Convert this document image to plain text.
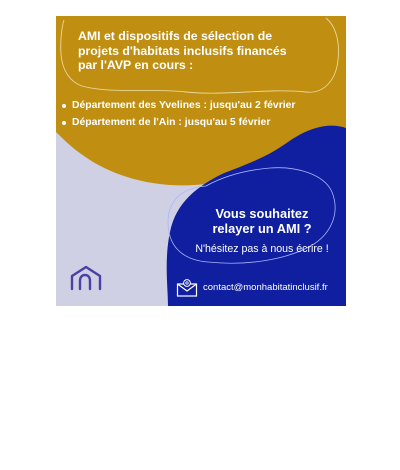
AMI et dispositifs de sélection de
projets d'habitats inclusifs financés
par l'AVP en cours :
Département des Yvelines : jusqu'au 2 février
Département de l'Ain : jusqu'au 5 février
Vous souhaitez
relayer un AMI ?
N'hésitez pas à nous écrire !
contact@monhabitatinclusif.fr
